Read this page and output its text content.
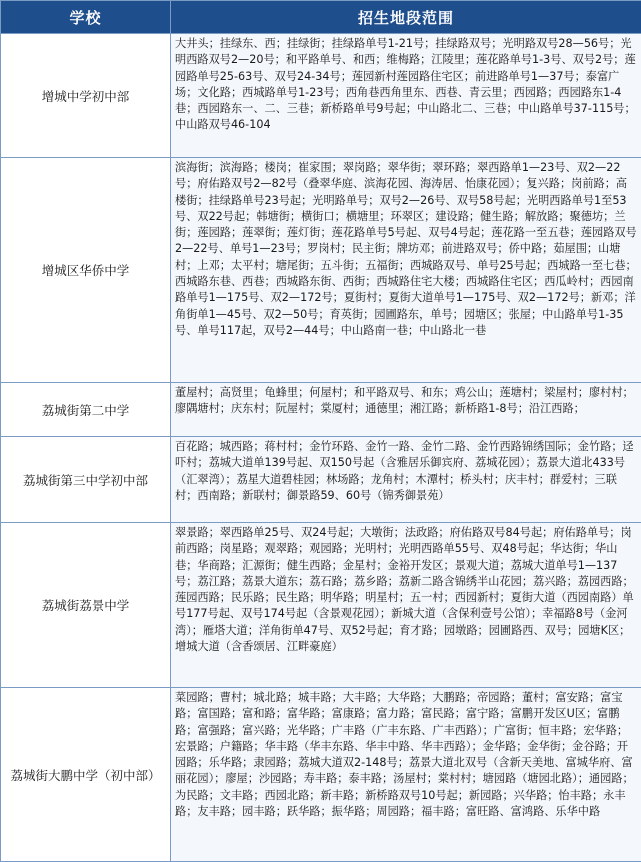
学校	招生地段范围
增城中学初中部	大井头；挂绿东、西；挂绿街；挂绿路单号1-21号；挂绿路双号；光明路双号28—56号；光明西路双号2—20号；和平路单号、和西；维梅路；江陵里；莲花路单号1-3号、双号2号；莲园路单号25-63号、双号24-34号；莲园新村莲园路住宅区；前进路单号1—37号；泰富广场；文化路；西城路单号1-23号；西角巷西角里东、西巷、青云里；西园路；西园路东1-4巷；西园路东一、二、三巷；新桥路单号9号起；中山路北二、三巷；中山路单号37-115号；中山路双号46-104
增城区华侨中学	滨海街；滨海路；楼岗；崔家围；翠岗路；翠华街；翠环路；翠西路单1—23号、双2—22号；府佑路双号2—82号（叠翠华庭、滨海花园、海涛居、怡康花园）；复兴路；岗前路；高楼街；挂绿路单号23号起；光明路单号；双号2—26号、双号58号起；光明西路单号1至53号、双22号起；韩塘街；横街口；横塘里；环翠区；建设路；健生路；解放路；聚德坊；兰街；莲园路；莲翠街；莲灯街；莲花路单号5号起、双号4号起；莲花路一至五巷；莲园路双号2—22号、单号1—23号；罗岗村；民主街；牌坊邓；前进路双号；侨中路；茹屋围；山塘村；上邓；太平村；塘尾街；五斗街；五福街；西城路双号、单号25号起；西城路一至七巷；西城路东巷、西巷；西城路东街、西街；西城路住宅大楼；西城路住宅区；西瓜岭村；西园南路单号1—175号、双2—172号；夏街村；夏街大道单号1—175号、双2—172号；新邓；洋角街单1—45号、双2—50号；育英街；园圃路东，单号；园塘区；张屋；中山路单号1-35号、单号117起，双号2—44号；中山路南一巷；中山路北一巷
荔城街第二中学	董屋村；高贤里；龟蜂里；何屋村；和平路双号、和东；鸡公山；莲塘村；梁屋村；廖村村；廖隅塘村；庆东村；阮屋村；棠厦村；通德里；湘江路；新桥路1-8号；沿江西路；
荔城街第三中学初中部	百花路；城西路；蒋村村；金竹环路、金竹一路、金竹二路、金竹西路锦绣国际；金竹路；迳吓村；荔城大道单139号起、双150号起（含雅居乐御宾府、荔城花园）；荔景大道北433号（汇翠湾）；荔星大道碧桂园；林场路；龙角村；木潭村；桥头村；庆丰村；群爱村；三联村；西南路；新联村；御景路59、60号（锦秀御景苑）
荔城街荔景中学	翠景路；翠西路单25号、双24号起；大墩街；法政路；府佑路双号84号起；府佑路单号；岗前西路；岗星路；观翠路；观园路；光明村；光明西路单55号、双48号起；华达街；华山巷；华商路；汇源街；健生西路；金星村；金裕开发区；景观大道；荔城大道单号1—137号；荔江路；荔景大道东；荔石路；荔乡路；荔新二路含锦绣半山花园；荔兴路；荔园西路；莲园西路；民乐路；民生路；明华路；明星村；五一村；西园新村；夏街大道（西园南路）单号177号起、双号174号起（含景观花园）；新城大道（含保利壹号公馆）；幸福路8号（金河湾）；雁塔大道；洋角街单47号、双52号起；育才路；园墩路；园圃路西、双号；园塘K区；增城大道（含香颂居、江畔豪庭）
荔城街大鹏中学（初中部）	菜园路；曹村；城北路；城丰路；大丰路；大华路；大鹏路；帝园路；董村；富安路；富宝路；富国路；富和路；富华路；富康路；富力路；富民路；富宁路；富鹏开发区U区；富鹏路；富强路；富兴路；光华路；广丰路（广丰东路、广丰西路）；广富街；恒丰路；宏华路；宏景路；户籍路；华丰路（华丰东路、华丰中路、华丰西路）；金华路；金华街；金谷路；开园路；乐华路；隶园路；荔城大道双2-148号；荔景大道北双号（含新天美地、富城华府、富丽花园）；廖屋；沙园路；寿丰路；泰丰路；汤屋村；棠村村；塘园路（塘园北路）；通园路；为民路；文丰路；西园北路；新丰路；新桥路双号10号起；新园路；兴华路；怡丰路；永丰路；友丰路；园丰路；跃华路；振华路；周园路；福丰路；富旺路、富鸿路、乐华中路
